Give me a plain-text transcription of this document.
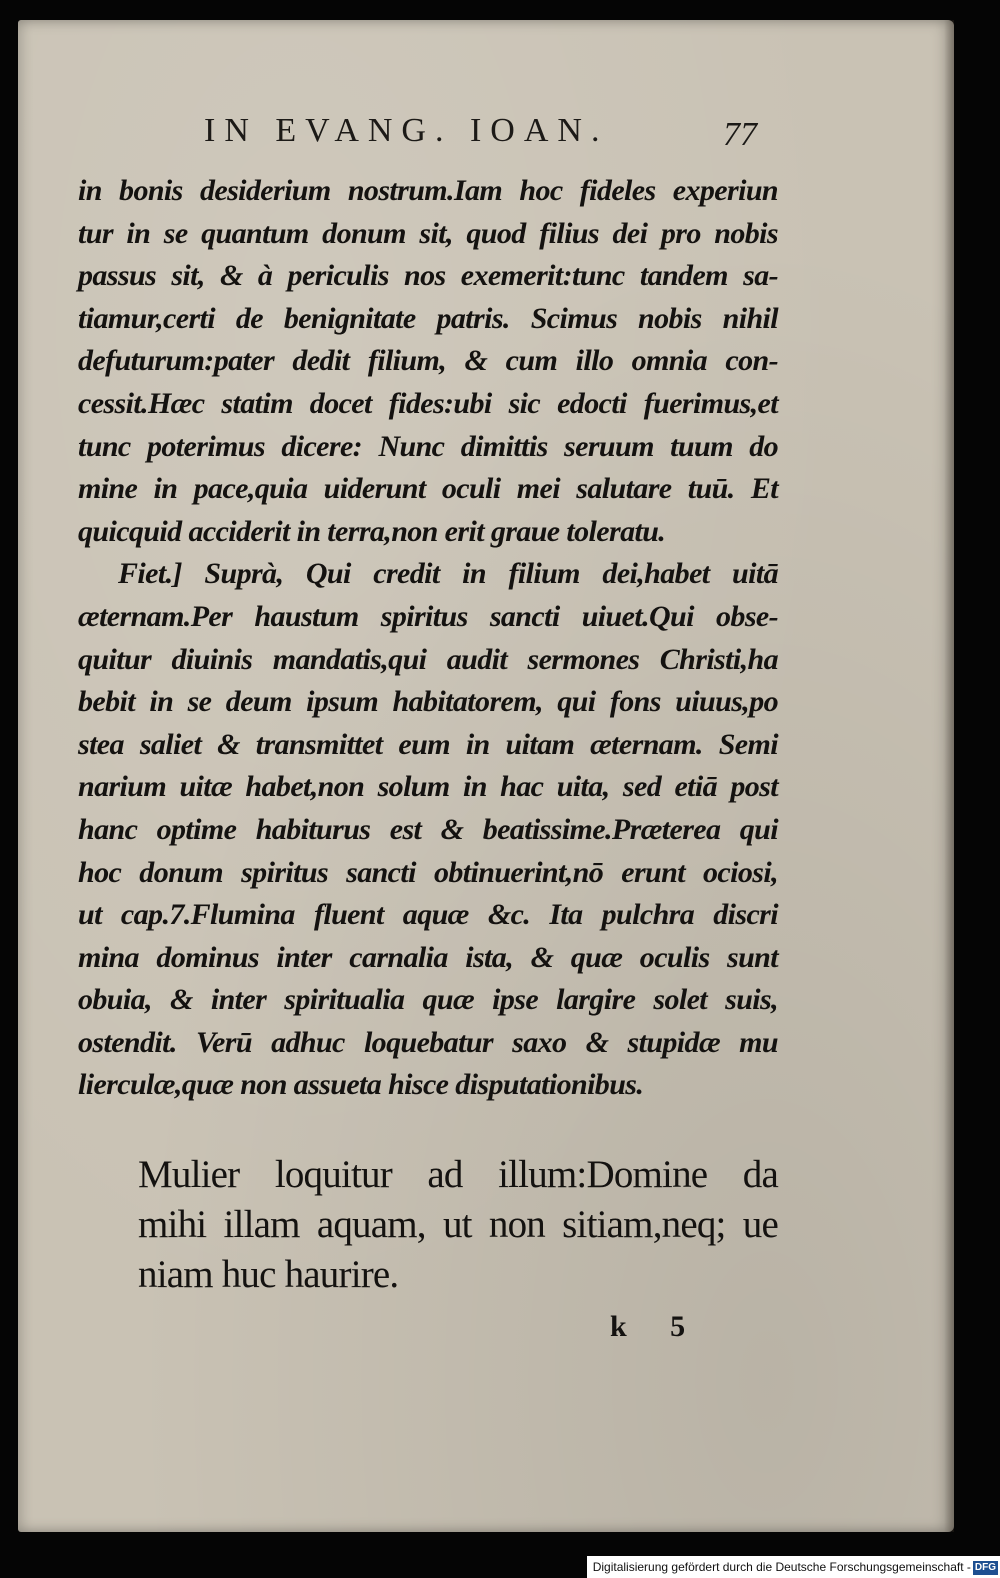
IN EVANG. IOAN.	77
in bonis desiderium nostrum.Iam hoc fideles experiun
tur in se quantum donum sit, quod filius dei pro nobis
passus sit, & à periculis nos exemerit:tunc tandem sa-
tiamur,certi de benignitate patris. Scimus nobis nihil
defuturum:pater dedit filium, & cum illo omnia con-
cessit.Hæc statim docet fides:ubi sic edocti fuerimus,et
tunc poterimus dicere: Nunc dimittis seruum tuum do
mine in pace,quia uiderunt oculi mei salutare tuū. Et
quicquid acciderit in terra,non erit graue toleratu.
Fiet.] Suprà, Qui credit in filium dei,habet uitā
æternam.Per haustum spiritus sancti uiuet.Qui obse-
quitur diuinis mandatis,qui audit sermones Christi,ha
bebit in se deum ipsum habitatorem, qui fons uiuus,po
stea saliet & transmittet eum in uitam æternam. Semi
narium uitæ habet,non solum in hac uita, sed etiā post
hanc optime habiturus est & beatissime.Præterea qui
hoc donum spiritus sancti obtinuerint,nō erunt ociosi,
ut cap.7.Flumina fluent aquæ &c. Ita pulchra discri
mina dominus inter carnalia ista, & quæ oculis sunt
obuia, & inter spiritualia quæ ipse largire solet suis,
ostendit. Verū adhuc loquebatur saxo & stupidæ mu
lierculæ,quæ non assueta hisce disputationibus.
Mulier loquitur ad illum:Domine da
mihi illam aquam, ut non sitiam,neq; ue
niam huc haurire.
k 5
Digitalisierung gefördert durch die Deutsche Forschungsgemeinschaft - DFG
